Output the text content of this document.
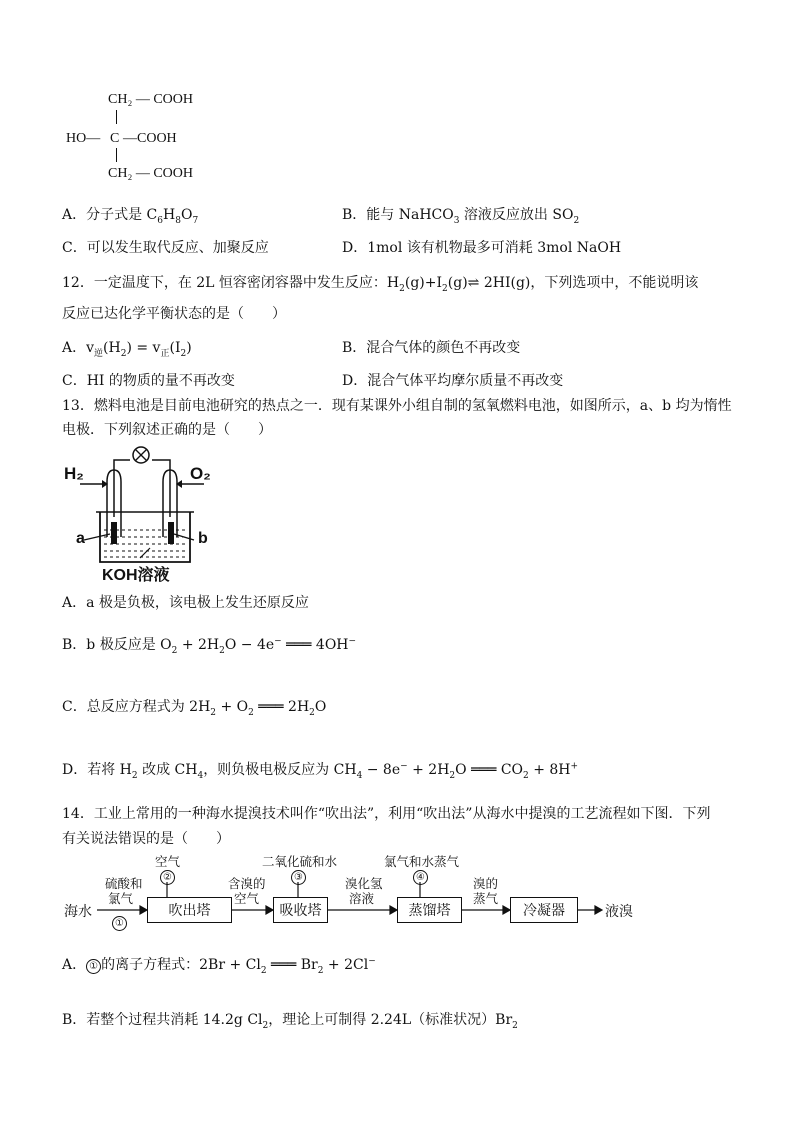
CH₂ — COOH
HO— C —COOH
CH₂ — COOH
A．分子式是 $C_6H_8O_7$	B．能与 NaHCO$_3$ 溶液反应放出 $SO_2$
C．可以发生取代反应、加聚反应	D．1mol 该有机物最多可消耗 3mol NaOH
12．一定温度下，在 2L 恒容密闭容器中发生反应：$H_2(g)+I_2(g)\rightleftharpoons$ 2HI(g)，下列选项中，不能说明该
反应已达化学平衡状态的是（　　）
A．$v_逆(H_2) = v_正(I_2)$	B．混合气体的颜色不再改变
C．HI 的物质的量不再改变	D．混合气体平均摩尔质量不再改变
13．燃料电池是目前电池研究的热点之一．现有某课外小组自制的氢氧燃料电池，如图所示，a、b 均为惰性
电极．下列叙述正确的是（　　）
H₂	O₂
a	b
KOH溶液
A．a 极是负极，该电极上发生还原反应
B．b 极反应是 $O_2 + 2H_2O - 4e^-$ ═══ 4OH−
C．总反应方程式为 $2H_2 + O_2$ ═══ $2H_2O$
D．若将 $H_2$ 改成 $CH_4$，则负极电极反应为 $CH_4 - 8e^- + 2H_2O$ ═══ $CO_2 + 8H^+$
14．工业上常用的一种海水提溴技术叫作“吹出法”，利用“吹出法”从海水中提溴的工艺流程如下图．下列
有关说法错误的是（　　）
海水
硫酸和
氯气
①
空气
②
吹出塔
含溴的
空气
二氧化硫和水
③
吸收塔
溴化氢
溶液
氯气和水蒸气
④
蒸馏塔
溴的
蒸气
冷凝器	液溴
A． ① 的离子方程式：$2Br + Cl_2$ ═══ $Br_2 + 2Cl^-$
B．若整个过程共消耗 14.2g $Cl_2$，理论上可制得 2.24L（标准状况）$Br_2$
